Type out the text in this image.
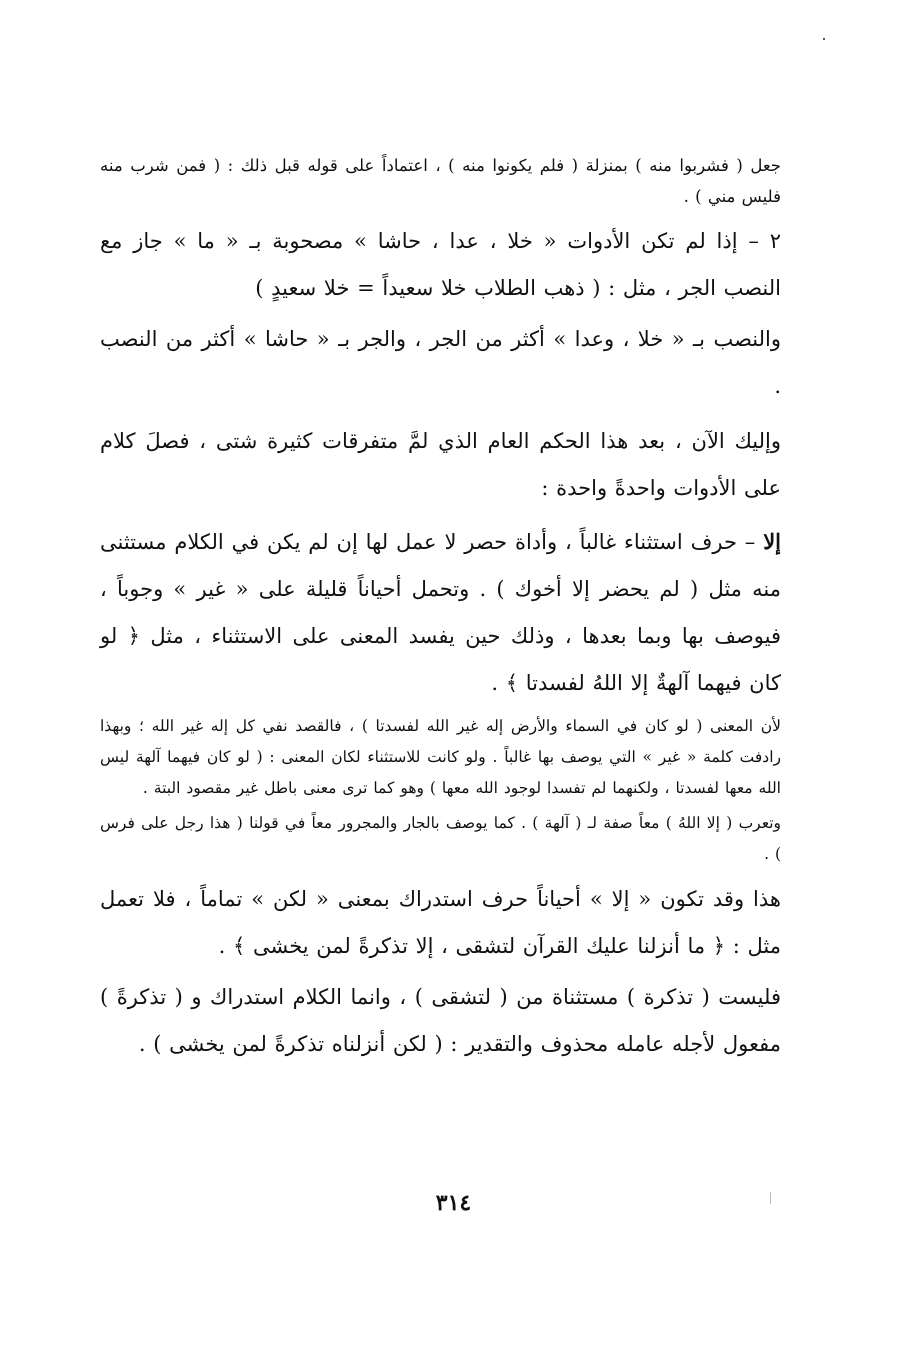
جعل ( فشربوا منه ) بمنزلة ( فلم يكونوا منه ) ، اعتماداً على قوله قبل ذلك : ( فمن شرب منه فليس مني ) .

٢ – إذا لم تكن الأدوات « خلا ، عدا ، حاشا » مصحوبة بـ « ما » جاز مع النصب الجر ، مثل : ( ذهب الطلاب خلا سعيداً = خلا سعيدٍ )

والنصب بـ « خلا ، وعدا » أكثر من الجر ، والجر بـ « حاشا » أكثر من النصب .

وإليك الآن ، بعد هذا الحكم العام الذي لمَّ متفرقات كثيرة شتى ، فصلَ كلام على الأدوات واحدةً واحدة :

إلا – حرف استثناء غالباً ، وأداة حصر لا عمل لها إن لم يكن في الكلام مستثنى منه مثل ( لم يحضر إلا أخوك ) . وتحمل أحياناً قليلة على « غير » وجوباً ، فيوصف بها وبما بعدها ، وذلك حين يفسد المعنى على الاستثناء ، مثل ﴿ لو كان فيهما آلهةٌ إلا اللهُ لفسدتا ﴾ .

لأن المعنى ( لو كان في السماء والأرض إله غير الله لفسدتا ) ، فالقصد نفي كل إله غير الله ؛ وبهذا رادفت كلمة « غير » التي يوصف بها غالباً . ولو كانت للاستثناء لكان المعنى : ( لو كان فيهما آلهة ليس الله معها لفسدتا ، ولكنهما لم تفسدا لوجود الله معها ) وهو كما ترى معنى باطل غير مقصود البتة .

وتعرب ( إلا اللهُ ) معاً صفة لـ ( آلهة ) . كما يوصف بالجار والمجرور معاً في قولنا ( هذا رجل على فرس ) .

هذا وقد تكون « إلا » أحياناً حرف استدراك بمعنى « لكن » تماماً ، فلا تعمل مثل : ﴿ ما أنزلنا عليك القرآن لتشقى ، إلا تذكرةً لمن يخشى ﴾ .

فليست ( تذكرة ) مستثناة من ( لتشقى ) ، وانما الكلام استدراك و ( تذكرةً ) مفعول لأجله عامله محذوف والتقدير : ( لكن أنزلناه تذكرةً لمن يخشى ) .

٣١٤
